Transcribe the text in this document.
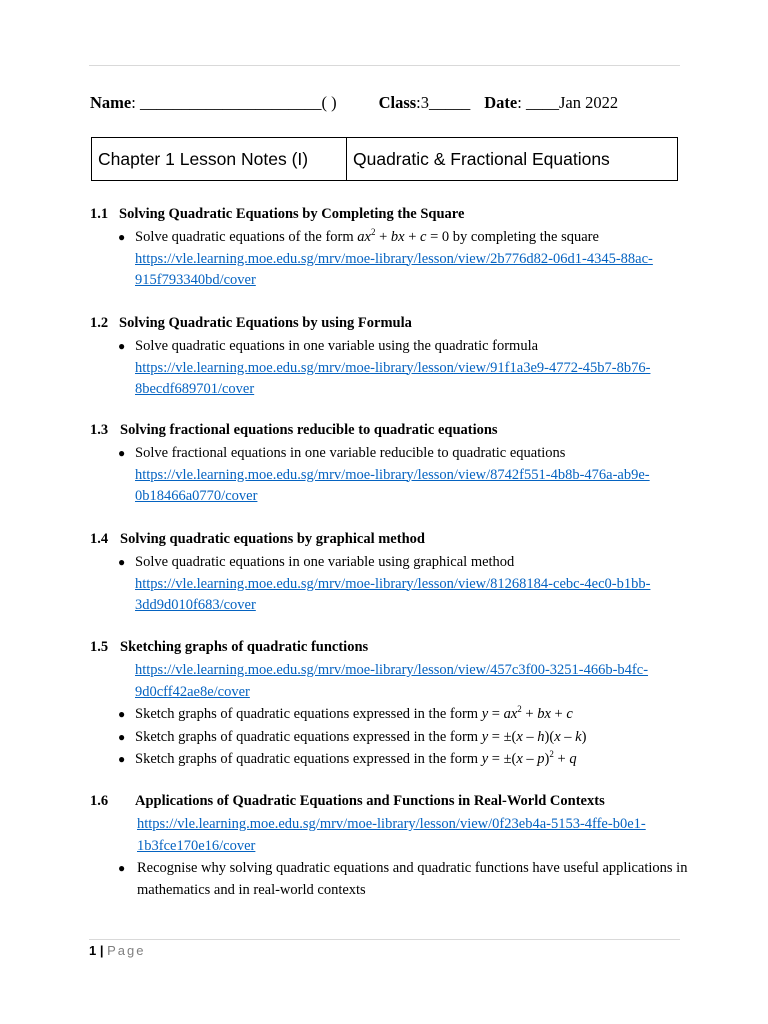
Name: ______________________( )	Class:3_____ Date: ____Jan 2022
Chapter 1 Lesson Notes (I)	Quadratic & Fractional Equations
1.1 Solving Quadratic Equations by Completing the Square
● Solve quadratic equations of the form $ax^2$ + bx + c = 0 by completing the square
https://vle.learning.moe.edu.sg/mrv/moe-library/lesson/view/2b776d82-06d1-4345-88ac-915f793340bd/cover
1.2 Solving Quadratic Equations by using Formula
● Solve quadratic equations in one variable using the quadratic formula
https://vle.learning.moe.edu.sg/mrv/moe-library/lesson/view/91f1a3e9-4772-45b7-8b76-8becdf689701/cover
1.3 Solving fractional equations reducible to quadratic equations
● Solve fractional equations in one variable reducible to quadratic equations
https://vle.learning.moe.edu.sg/mrv/moe-library/lesson/view/8742f551-4b8b-476a-ab9e-0b18466a0770/cover
1.4 Solving quadratic equations by graphical method
● Solve quadratic equations in one variable using graphical method
https://vle.learning.moe.edu.sg/mrv/moe-library/lesson/view/81268184-cebc-4ec0-b1bb-3dd9d010f683/cover
1.5 Sketching graphs of quadratic functions
https://vle.learning.moe.edu.sg/mrv/moe-library/lesson/view/457c3f00-3251-466b-b4fc-9d0cff42ae8e/cover
● Sketch graphs of quadratic equations expressed in the form $y = ax^2$ + bx + c
● Sketch graphs of quadratic equations expressed in the form y = ±(x – h)(x – k)
● Sketch graphs of quadratic equations expressed in the form y = ±(x – p)$^2$ + q
1.6 Applications of Quadratic Equations and Functions in Real-World Contexts
https://vle.learning.moe.edu.sg/mrv/moe-library/lesson/view/0f23eb4a-5153-4ffe-b0e1-1b3fce170e16/cover
● Recognise why solving quadratic equations and quadratic functions have useful applications in mathematics and in real-world contexts
1 | Page
